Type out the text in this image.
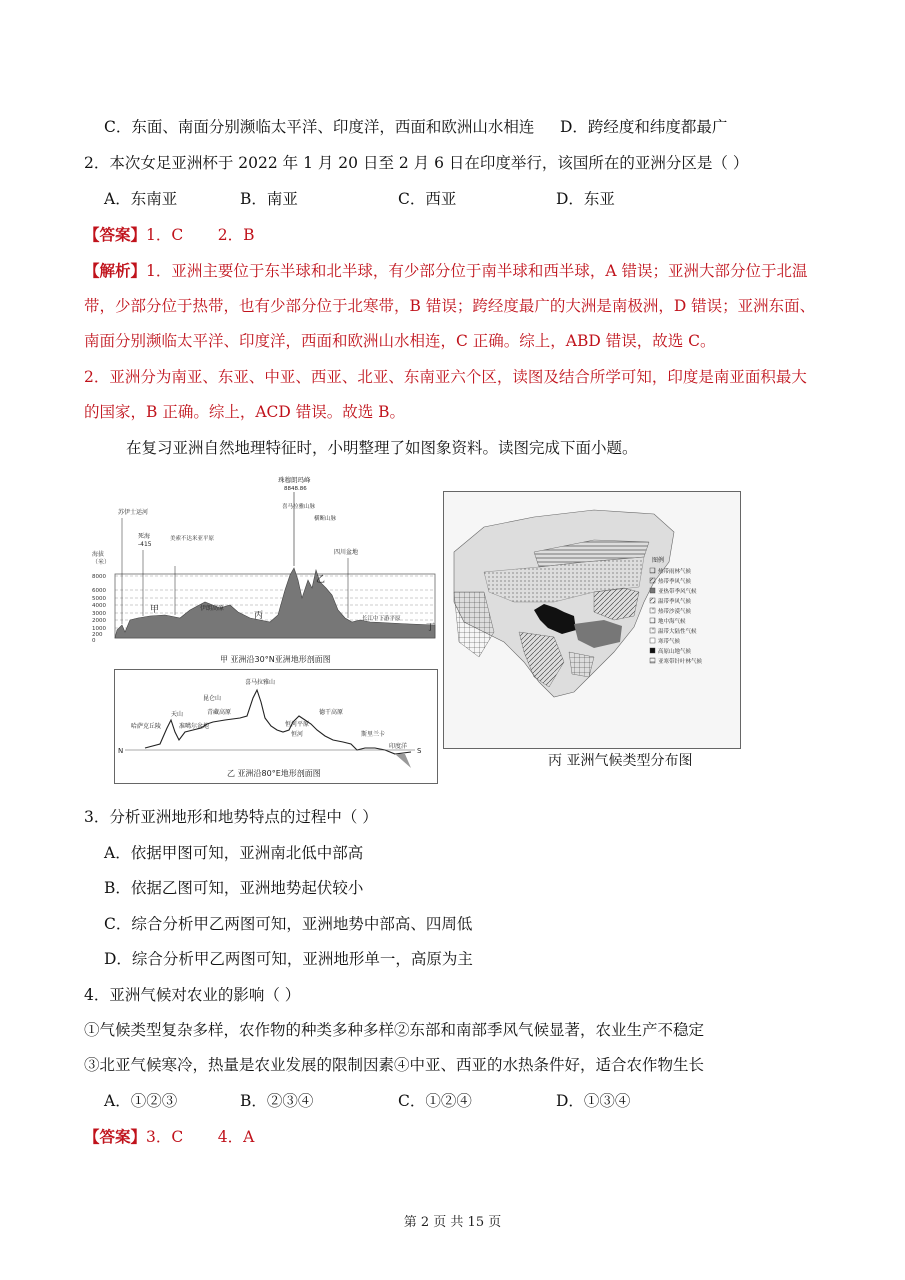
C．东面、南面分别濒临太平洋、印度洋，西面和欧洲山水相连 D．跨经度和纬度都最广
2．本次女足亚洲杯于 2022 年 1 月 20 日至 2 月 6 日在印度举行，该国所在的亚洲分区是（ ）
A．东南亚	B．南亚	C．西亚	D．东亚
【答案】1．C       2．B
【解析】1．亚洲主要位于东半球和北半球，有少部分位于南半球和西半球，A 错误；亚洲大部分位于北温
带，少部分位于热带，也有少部分位于北寒带，B 错误；跨经度最广的大洲是南极洲，D 错误；亚洲东面、
南面分别濒临太平洋、印度洋，西面和欧洲山水相连，C 正确。综上，ABD 错误，故选 C。
2．亚洲分为南亚、东亚、中亚、西亚、北亚、东南亚六个区，读图及结合所学可知，印度是南亚面积最大
的国家，B 正确。综上，ACD 错误。故选 B。
在复习亚洲自然地理特征时，小明整理了如图象资料。读图完成下面小题。
海拔
（米）
8000
6000
5000
4000
3000
2000
1000
200
0
珠穆朗玛峰
8848.86
苏伊士运河
死海
-415
美索不达米亚平原
伊朗高原
喜马拉雅山脉
横断山脉
四川盆地
长江中下游平原
甲
乙
丙
丁
甲 亚洲沿30°N亚洲地形剖面图
N	S
哈萨克丘陵
天山
准噶尔盆地
昆仑山
青藏高原
喜马拉雅山
恒河平原
恒河
德干高原
斯里兰卡
印度洋
乙 亚洲沿80°E地形剖面图
图例
热带雨林气候
热带季风气候
亚热带季风气候
温带季风气候
热带沙漠气候
地中海气候
温带大陆性气候
寒带气候
高原山地气候
亚寒带针叶林气候
丙 亚洲气候类型分布图
3．分析亚洲地形和地势特点的过程中（ ）
A．依据甲图可知，亚洲南北低中部高
B．依据乙图可知，亚洲地势起伏较小
C．综合分析甲乙两图可知，亚洲地势中部高、四周低
D．综合分析甲乙两图可知，亚洲地形单一，高原为主
4．亚洲气候对农业的影响（ ）
①气候类型复杂多样，农作物的种类多种多样②东部和南部季风气候显著，农业生产不稳定
③北亚气候寒冷，热量是农业发展的限制因素④中亚、西亚的水热条件好，适合农作物生长
A．①②③	B．②③④	C．①②④	D．①③④
【答案】3．C       4．A
第 2 页 共 15 页
